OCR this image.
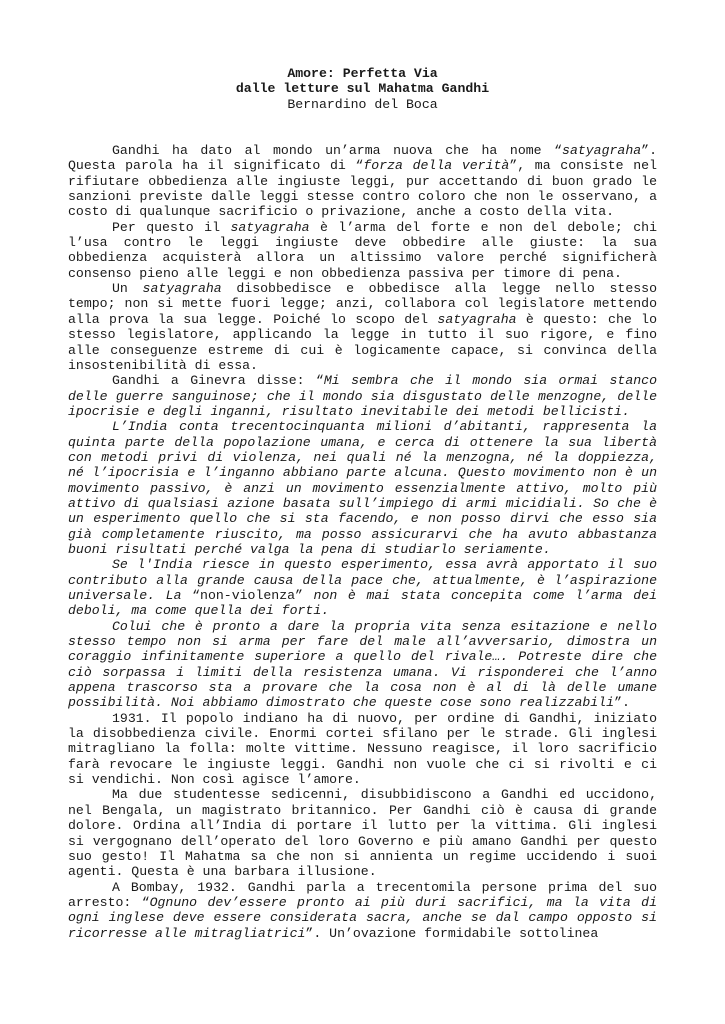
Amore: Perfetta Via
dalle letture sul Mahatma Gandhi
Bernardino del Boca

Gandhi ha dato al mondo un’arma nuova che ha nome “satyagraha”. Questa parola ha il significato di “forza della verità”, ma consiste nel rifiutare obbedienza alle ingiuste leggi, pur accettando di buon grado le sanzioni previste dalle leggi stesse contro coloro che non le osservano, a costo di qualunque sacrificio o privazione, anche a costo della vita.

Per questo il satyagraha è l’arma del forte e non del debole; chi l’usa contro le leggi ingiuste deve obbedire alle giuste: la sua obbedienza acquisterà allora un altissimo valore perché significherà consenso pieno alle leggi e non obbedienza passiva per timore di pena.

Un satyagraha disobbedisce e obbedisce alla legge nello stesso tempo; non si mette fuori legge; anzi, collabora col legislatore mettendo alla prova la sua legge. Poiché lo scopo del satyagraha è questo: che lo stesso legislatore, applicando la legge in tutto il suo rigore, e fino alle conseguenze estreme di cui è logicamente capace, si convinca della insostenibilità di essa.

Gandhi a Ginevra disse: “Mi sembra che il mondo sia ormai stanco delle guerre sanguinose; che il mondo sia disgustato delle menzogne, delle ipocrisie e degli inganni, risultato inevitabile dei metodi bellicisti.

L’India conta trecentocinquanta milioni d’abitanti, rappresenta la quinta parte della popolazione umana, e cerca di ottenere la sua libertà con metodi privi di violenza, nei quali né la menzogna, né la doppiezza, né l’ipocrisia e l’inganno abbiano parte alcuna. Questo movimento non è un movimento passivo, è anzi un movimento essenzialmente attivo, molto più attivo di qualsiasi azione basata sull’impiego di armi micidiali. So che è un esperimento quello che si sta facendo, e non posso dirvi che esso sia già completamente riuscito, ma posso assicurarvi che ha avuto abbastanza buoni risultati perché valga la pena di studiarlo seriamente.

Se l'India riesce in questo esperimento, essa avrà apportato il suo contributo alla grande causa della pace che, attualmente, è l’aspirazione universale. La “non-violenza” non è mai stata concepita come l’arma dei deboli, ma come quella dei forti.

Colui che è pronto a dare la propria vita senza esitazione e nello stesso tempo non si arma per fare del male all’avversario, dimostra un coraggio infinitamente superiore a quello del rivale…. Potreste dire che ciò sorpassa i limiti della resistenza umana. Vi risponderei che l’anno appena trascorso sta a provare che la cosa non è al di là delle umane possibilità. Noi abbiamo dimostrato che queste cose sono realizzabili”.

1931. Il popolo indiano ha di nuovo, per ordine di Gandhi, iniziato la disobbedienza civile. Enormi cortei sfilano per le strade. Gli inglesi mitragliano la folla: molte vittime. Nessuno reagisce, il loro sacrificio farà revocare le ingiuste leggi. Gandhi non vuole che ci si rivolti e ci si vendichi. Non così agisce l’amore.

Ma due studentesse sedicenni, disubbidiscono a Gandhi ed uccidono, nel Bengala, un magistrato britannico. Per Gandhi ciò è causa di grande dolore. Ordina all’India di portare il lutto per la vittima. Gli inglesi si vergognano dell’operato del loro Governo e più amano Gandhi per questo suo gesto! Il Mahatma sa che non si annienta un regime uccidendo i suoi agenti. Questa è una barbara illusione.

A Bombay, 1932. Gandhi parla a trecentomila persone prima del suo arresto: “Ognuno dev’essere pronto ai più duri sacrifici, ma la vita di ogni inglese deve essere considerata sacra, anche se dal campo opposto si ricorresse alle mitragliatrici”. Un’ovazione formidabile sottolinea
